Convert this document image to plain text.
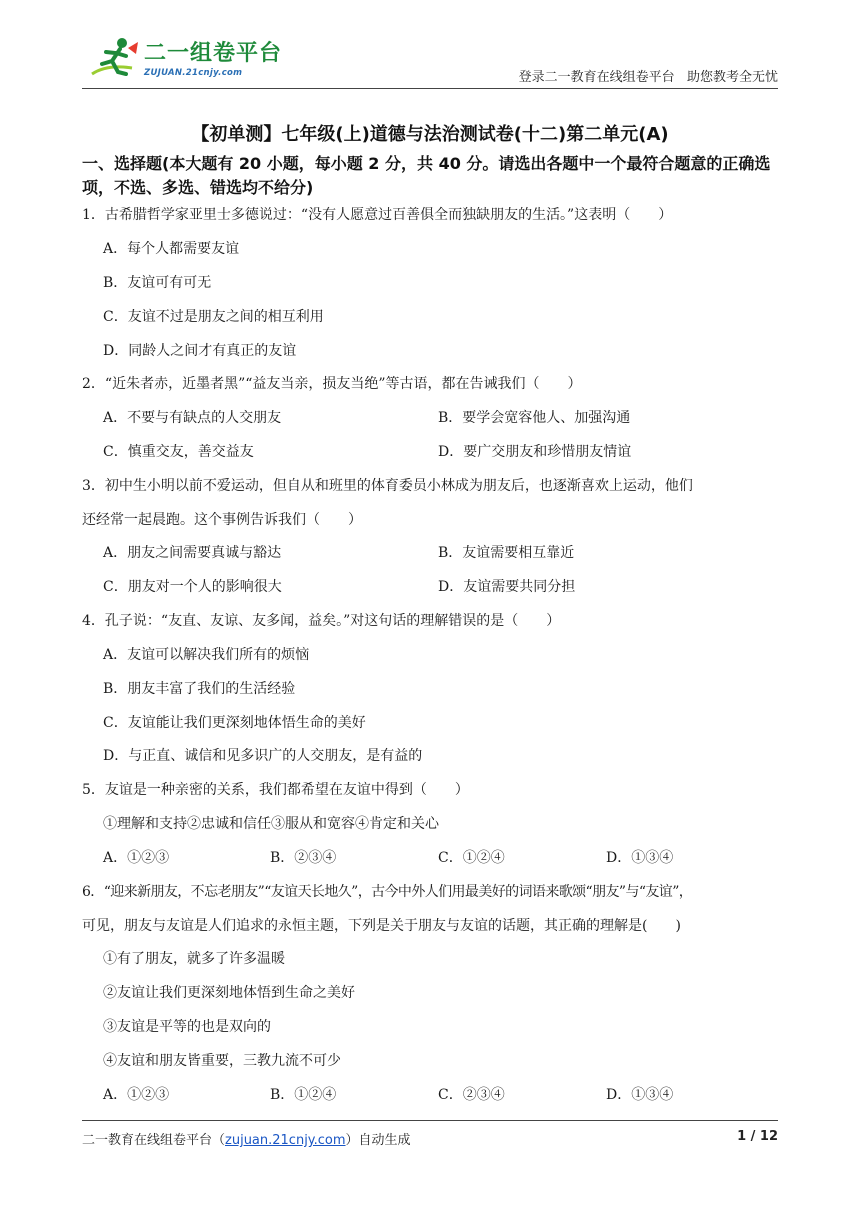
二一组卷平台
ZUJUAN.21cnjy.com	登录二一教育在线组卷平台   助您教考全无忧
【初单测】七年级(上)道德与法治测试卷(十二)第二单元(A)
一、选择题(本大题有 20 小题，每小题 2 分，共 40 分。请选出各题中一个最符合题意的正确选项，不选、多选、错选均不给分)
1．古希腊哲学家亚里士多德说过：“没有人愿意过百善俱全而独缺朋友的生活。”这表明（　　）
A．每个人都需要友谊
B．友谊可有可无
C．友谊不过是朋友之间的相互利用
D．同龄人之间才有真正的友谊
2．“近朱者赤，近墨者黑”“益友当亲，损友当绝”等古语，都在告诫我们（　　）
A．不要与有缺点的人交朋友	B．要学会宽容他人、加强沟通
C．慎重交友，善交益友	D．要广交朋友和珍惜朋友情谊
3．初中生小明以前不爱运动，但自从和班里的体育委员小林成为朋友后，也逐渐喜欢上运动，他们
还经常一起晨跑。这个事例告诉我们（　　）
A．朋友之间需要真诚与豁达	B．友谊需要相互靠近
C．朋友对一个人的影响很大	D．友谊需要共同分担
4．孔子说：“友直、友谅、友多闻，益矣。”对这句话的理解错误的是（　　）
A．友谊可以解决我们所有的烦恼
B．朋友丰富了我们的生活经验
C．友谊能让我们更深刻地体悟生命的美好
D．与正直、诚信和见多识广的人交朋友，是有益的
5．友谊是一种亲密的关系，我们都希望在友谊中得到（　　）
①理解和支持②忠诚和信任③服从和宽容④肯定和关心
A．①②③	B．②③④	C．①②④	D．①③④
6．“迎来新朋友，不忘老朋友”“友谊天长地久”，古今中外人们用最美好的词语来歌颂“朋友”与“友谊”，
可见，朋友与友谊是人们追求的永恒主题，下列是关于朋友与友谊的话题，其正确的理解是(　　)
①有了朋友，就多了许多温暖
②友谊让我们更深刻地体悟到生命之美好
③友谊是平等的也是双向的
④友谊和朋友皆重要，三教九流不可少
A．①②③	B．①②④	C．②③④	D．①③④
二一教育在线组卷平台（zujuan.21cnjy.com）自动生成	1 / 12
